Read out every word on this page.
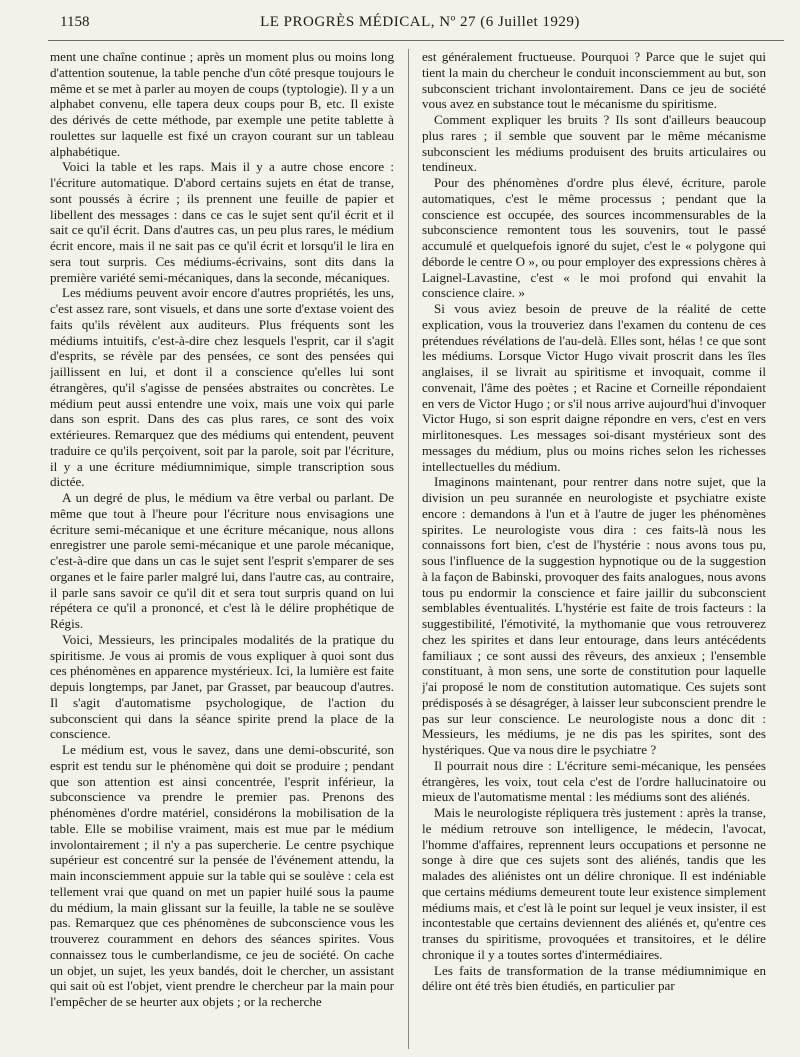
1158	LE PROGRÈS MÉDICAL, Nº 27 (6 Juillet 1929)

ment une chaîne continue ; après un moment plus ou moins long d'attention soutenue, la table penche d'un côté presque toujours le même et se met à parler au moyen de coups (typtologie). Il y a un alphabet convenu, elle tapera deux coups pour B, etc. Il existe des dérivés de cette méthode, par exemple une petite tablette à roulettes sur laquelle est fixé un crayon courant sur un tableau alphabétique.

Voici la table et les raps. Mais il y a autre chose encore : l'écriture automatique. D'abord certains sujets en état de transe, sont poussés à écrire ; ils prennent une feuille de papier et libellent des messages : dans ce cas le sujet sent qu'il écrit et il sait ce qu'il écrit. Dans d'autres cas, un peu plus rares, le médium écrit encore, mais il ne sait pas ce qu'il écrit et lorsqu'il le lira en sera tout surpris. Ces médiums-écrivains, sont dits dans la première variété semi-mécaniques, dans la seconde, mécaniques.

Les médiums peuvent avoir encore d'autres propriétés, les uns, c'est assez rare, sont visuels, et dans une sorte d'extase voient des faits qu'ils révèlent aux auditeurs. Plus fréquents sont les médiums intuitifs, c'est-à-dire chez lesquels l'esprit, car il s'agit d'esprits, se révèle par des pensées, ce sont des pensées qui jaillissent en lui, et dont il a conscience qu'elles lui sont étrangères, qu'il s'agisse de pensées abstraites ou concrètes. Le médium peut aussi entendre une voix, mais une voix qui parle dans son esprit. Dans des cas plus rares, ce sont des voix extérieures. Remarquez que des médiums qui entendent, peuvent traduire ce qu'ils perçoivent, soit par la parole, soit par l'écriture, il y a une écriture médiumnimique, simple transcription sous dictée.

A un degré de plus, le médium va être verbal ou parlant. De même que tout à l'heure pour l'écriture nous envisagions une écriture semi-mécanique et une écriture mécanique, nous allons enregistrer une parole semi-mécanique et une parole mécanique, c'est-à-dire que dans un cas le sujet sent l'esprit s'emparer de ses organes et le faire parler malgré lui, dans l'autre cas, au contraire, il parle sans savoir ce qu'il dit et sera tout surpris quand on lui répétera ce qu'il a prononcé, et c'est là le délire prophétique de Régis.

Voici, Messieurs, les principales modalités de la pratique du spiritisme. Je vous ai promis de vous expliquer à quoi sont dus ces phénomènes en apparence mystérieux. Ici, la lumière est faite depuis longtemps, par Janet, par Grasset, par beaucoup d'autres. Il s'agit d'automatisme psychologique, de l'action du subconscient qui dans la séance spirite prend la place de la conscience.

Le médium est, vous le savez, dans une demi-obscurité, son esprit est tendu sur le phénomène qui doit se produire ; pendant que son attention est ainsi concentrée, l'esprit inférieur, la subconscience va prendre le premier pas. Prenons des phénomènes d'ordre matériel, considérons la mobilisation de la table. Elle se mobilise vraiment, mais est mue par le médium involontairement ; il n'y a pas supercherie. Le centre psychique supérieur est concentré sur la pensée de l'événement attendu, la main inconsciemment appuie sur la table qui se soulève : cela est tellement vrai que quand on met un papier huilé sous la paume du médium, la main glissant sur la feuille, la table ne se soulève pas. Remarquez que ces phénomènes de subconscience vous les trouverez couramment en dehors des séances spirites. Vous connaissez tous le cumberlandisme, ce jeu de société. On cache un objet, un sujet, les yeux bandés, doit le chercher, un assistant qui sait où est l'objet, vient prendre le chercheur par la main pour l'empêcher de se heurter aux objets ; or la recherche

est généralement fructueuse. Pourquoi ? Parce que le sujet qui tient la main du chercheur le conduit inconsciemment au but, son subconscient trichant involontairement. Dans ce jeu de société vous avez en substance tout le mécanisme du spiritisme.

Comment expliquer les bruits ? Ils sont d'ailleurs beaucoup plus rares ; il semble que souvent par le même mécanisme subconscient les médiums produisent des bruits articulaires ou tendineux.

Pour des phénomènes d'ordre plus élevé, écriture, parole automatiques, c'est le même processus ; pendant que la conscience est occupée, des sources incommensurables de la subconscience remontent tous les souvenirs, tout le passé accumulé et quelquefois ignoré du sujet, c'est le « polygone qui déborde le centre O », ou pour employer des expressions chères à Laignel-Lavastine, c'est « le moi profond qui envahit la conscience claire. »

Si vous aviez besoin de preuve de la réalité de cette explication, vous la trouveriez dans l'examen du contenu de ces prétendues révélations de l'au-delà. Elles sont, hélas ! ce que sont les médiums. Lorsque Victor Hugo vivait proscrit dans les îles anglaises, il se livrait au spiritisme et invoquait, comme il convenait, l'âme des poètes ; et Racine et Corneille répondaient en vers de Victor Hugo ; or s'il nous arrive aujourd'hui d'invoquer Victor Hugo, si son esprit daigne répondre en vers, c'est en vers mirlitonesques. Les messages soi-disant mystérieux sont des messages du médium, plus ou moins riches selon les richesses intellectuelles du médium.

Imaginons maintenant, pour rentrer dans notre sujet, que la division un peu surannée en neurologiste et psychiatre existe encore : demandons à l'un et à l'autre de juger les phénomènes spirites. Le neurologiste vous dira : ces faits-là nous les connaissons fort bien, c'est de l'hystérie : nous avons tous pu, sous l'influence de la suggestion hypnotique ou de la suggestion à la façon de Babinski, provoquer des faits analogues, nous avons tous pu endormir la conscience et faire jaillir du subconscient semblables éventualités. L'hystérie est faite de trois facteurs : la suggestibilité, l'émotivité, la mythomanie que vous retrouverez chez les spirites et dans leur entourage, dans leurs antécédents familiaux ; ce sont aussi des rêveurs, des anxieux ; l'ensemble constituant, à mon sens, une sorte de constitution pour laquelle j'ai proposé le nom de constitution automatique. Ces sujets sont prédisposés à se désagréger, à laisser leur subconscient prendre le pas sur leur conscience. Le neurologiste nous a donc dit : Messieurs, les médiums, je ne dis pas les spirites, sont des hystériques. Que va nous dire le psychiatre ?

Il pourrait nous dire : L'écriture semi-mécanique, les pensées étrangères, les voix, tout cela c'est de l'ordre hallucinatoire ou mieux de l'automatisme mental : les médiums sont des aliénés.

Mais le neurologiste répliquera très justement : après la transe, le médium retrouve son intelligence, le médecin, l'avocat, l'homme d'affaires, reprennent leurs occupations et personne ne songe à dire que ces sujets sont des aliénés, tandis que les malades des aliénistes ont un délire chronique. Il est indéniable que certains médiums demeurent toute leur existence simplement médiums mais, et c'est là le point sur lequel je veux insister, il est incontestable que certains deviennent des aliénés et, qu'entre ces transes du spiritisme, provoquées et transitoires, et le délire chronique il y a toutes sortes d'intermédiaires.

Les faits de transformation de la transe médiumnimique en délire ont été très bien étudiés, en particulier par
